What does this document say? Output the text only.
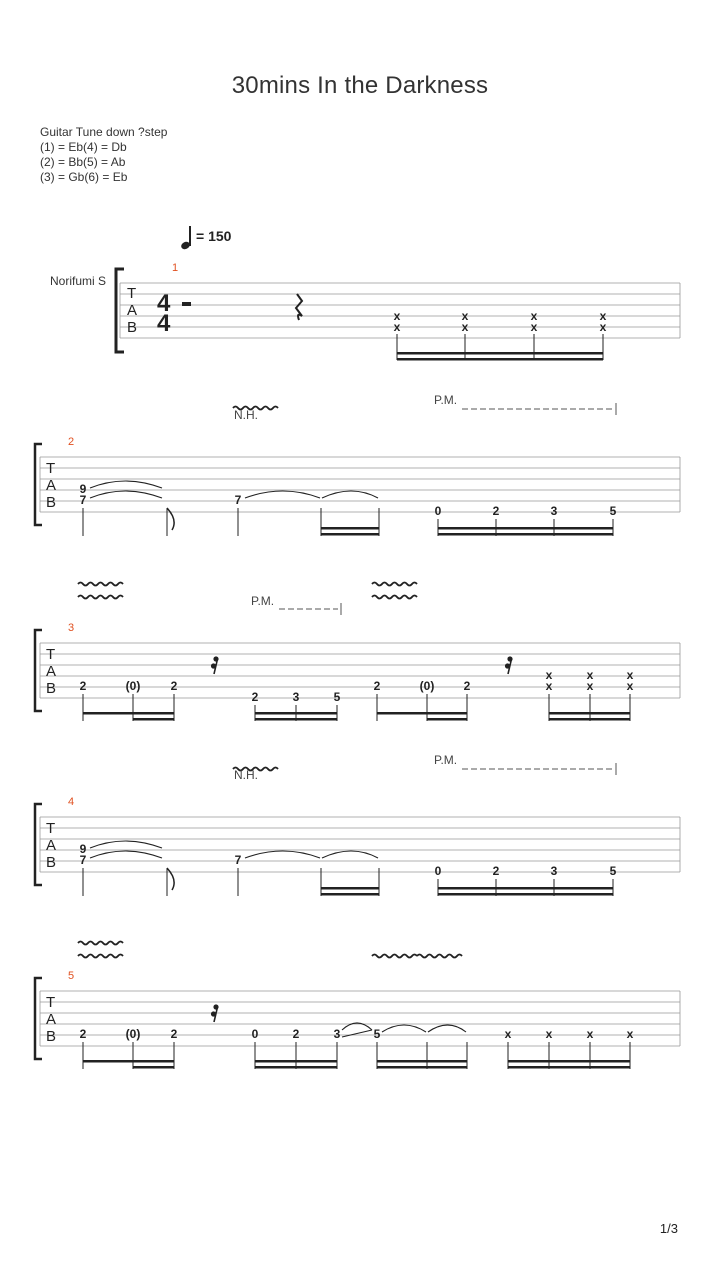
30mins In the Darkness
Guitar Tune down ?step
(1) = Eb(4) = Db
(2) = Bb(5) = Ab
(3) = Gb(6) = Eb
= 150
Norifumi S
T
A
B
4
4
1
x
x
x
x
x
x
x
x
N.H.
P.M.
T
A
B
2
9
7	7
0	2	3	5
P.M.
T
A
B
3
2	(0)	2
2	3	5
2	(0) 2
x
x
x
x
x
x
N.H.
P.M.
T
A
B
4
9
7	7
0	2	3	5
T
A
B
5
2	(0)	2	0	2	3	5	x	x	x	x
1/3
